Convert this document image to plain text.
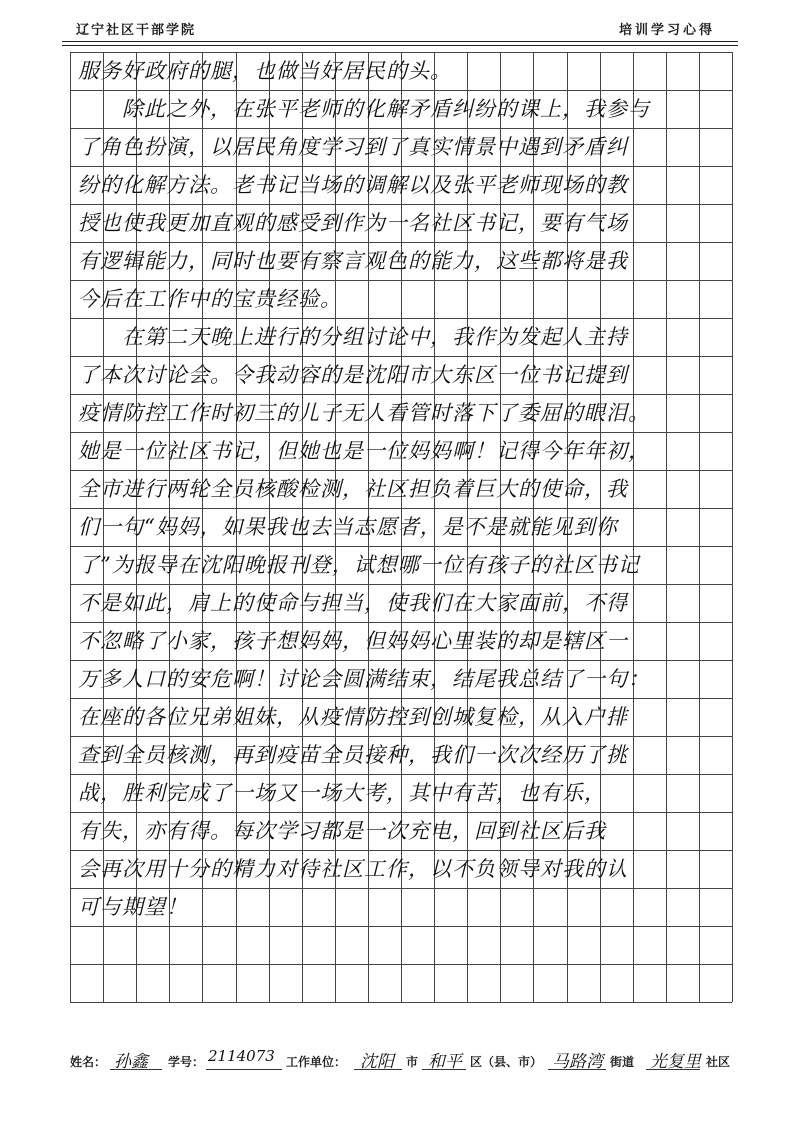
辽宁社区干部学院	培训学习心得
服务好政府的腿，也做当好居民的头。
　　除此之外，在张平老师的化解矛盾纠纷的课上，我参与
了角色扮演，以居民角度学习到了真实情景中遇到矛盾纠
纷的化解方法。老书记当场的调解以及张平老师现场的教
授也使我更加直观的感受到作为一名社区书记，要有气场
有逻辑能力，同时也要有察言观色的能力，这些都将是我
今后在工作中的宝贵经验。
　　在第二天晚上进行的分组讨论中，我作为发起人主持
了本次讨论会。令我动容的是沈阳市大东区一位书记提到
疫情防控工作时初三的儿子无人看管时落下了委屈的眼泪。
她是一位社区书记，但她也是一位妈妈啊！记得今年年初，
全市进行两轮全员核酸检测，社区担负着巨大的使命，我
们一句“妈妈，如果我也去当志愿者，是不是就能见到你
了”为报导在沈阳晚报刊登，试想哪一位有孩子的社区书记
不是如此，肩上的使命与担当，使我们在大家面前，不得
不忽略了小家，孩子想妈妈，但妈妈心里装的却是辖区一
万多人口的安危啊！讨论会圆满结束，结尾我总结了一句：
在座的各位兄弟姐妹，从疫情防控到创城复检，从入户排
查到全员核测，再到疫苗全员接种，我们一次次经历了挑
战，胜利完成了一场又一场大考，其中有苦，也有乐，
有失，亦有得。每次学习都是一次充电，回到社区后我
会再次用十分的精力对待社区工作，以不负领导对我的认
可与期望！
姓名： 孙鑫 学号： 2114073 工作单位： 沈阳 市 和平 区（县、市） 马路湾 街道 光复里 社区
